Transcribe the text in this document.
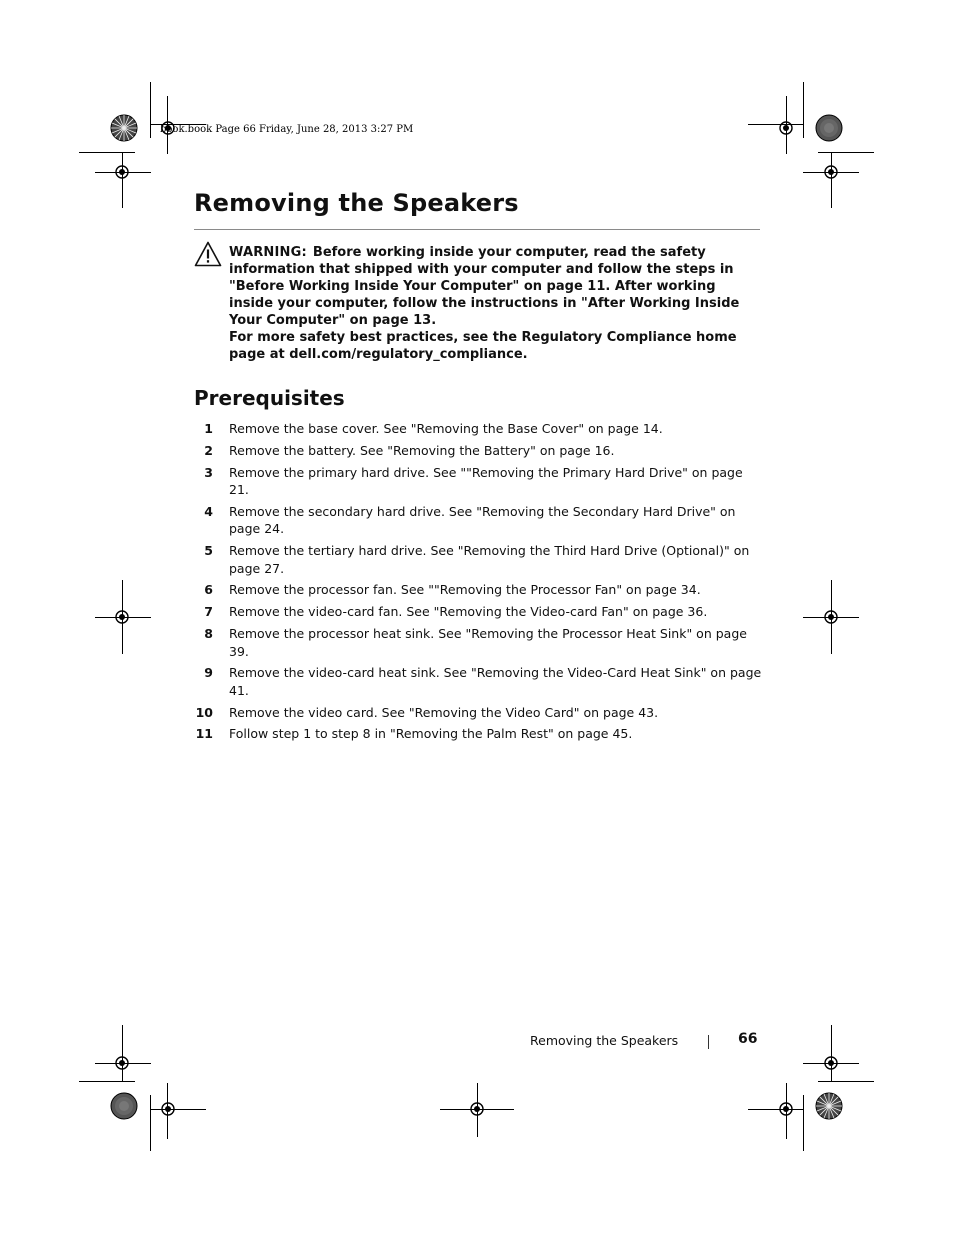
book.book Page 66 Friday, June 28, 2013 3:27 PM
Removing the Speakers

WARNING: Before working inside your computer, read the safety information that shipped with your computer and follow the steps in "Before Working Inside Your Computer" on page 11. After working inside your computer, follow the instructions in "After Working Inside Your Computer" on page 13.

For more safety best practices, see the Regulatory Compliance home page at dell.com/regulatory_compliance.

Prerequisites
1 Remove the base cover. See "Removing the Base Cover" on page 14.
2 Remove the battery. See "Removing the Battery" on page 16.
3 Remove the primary hard drive. See ""Removing the Primary Hard Drive" on page 21.
4 Remove the secondary hard drive. See "Removing the Secondary Hard Drive" on page 24.
5 Remove the tertiary hard drive. See "Removing the Third Hard Drive (Optional)" on page 27.
6 Remove the processor fan. See ""Removing the Processor Fan" on page 34.
7 Remove the video-card fan. See "Removing the Video-card Fan" on page 36.
8 Remove the processor heat sink. See "Removing the Processor Heat Sink" on page 39.
9 Remove the video-card heat sink. See "Removing the Video-Card Heat Sink" on page 41.
10 Remove the video card. See "Removing the Video Card" on page 43.
11 Follow step 1 to step 8 in "Removing the Palm Rest" on page 45.
Removing the Speakers	66
